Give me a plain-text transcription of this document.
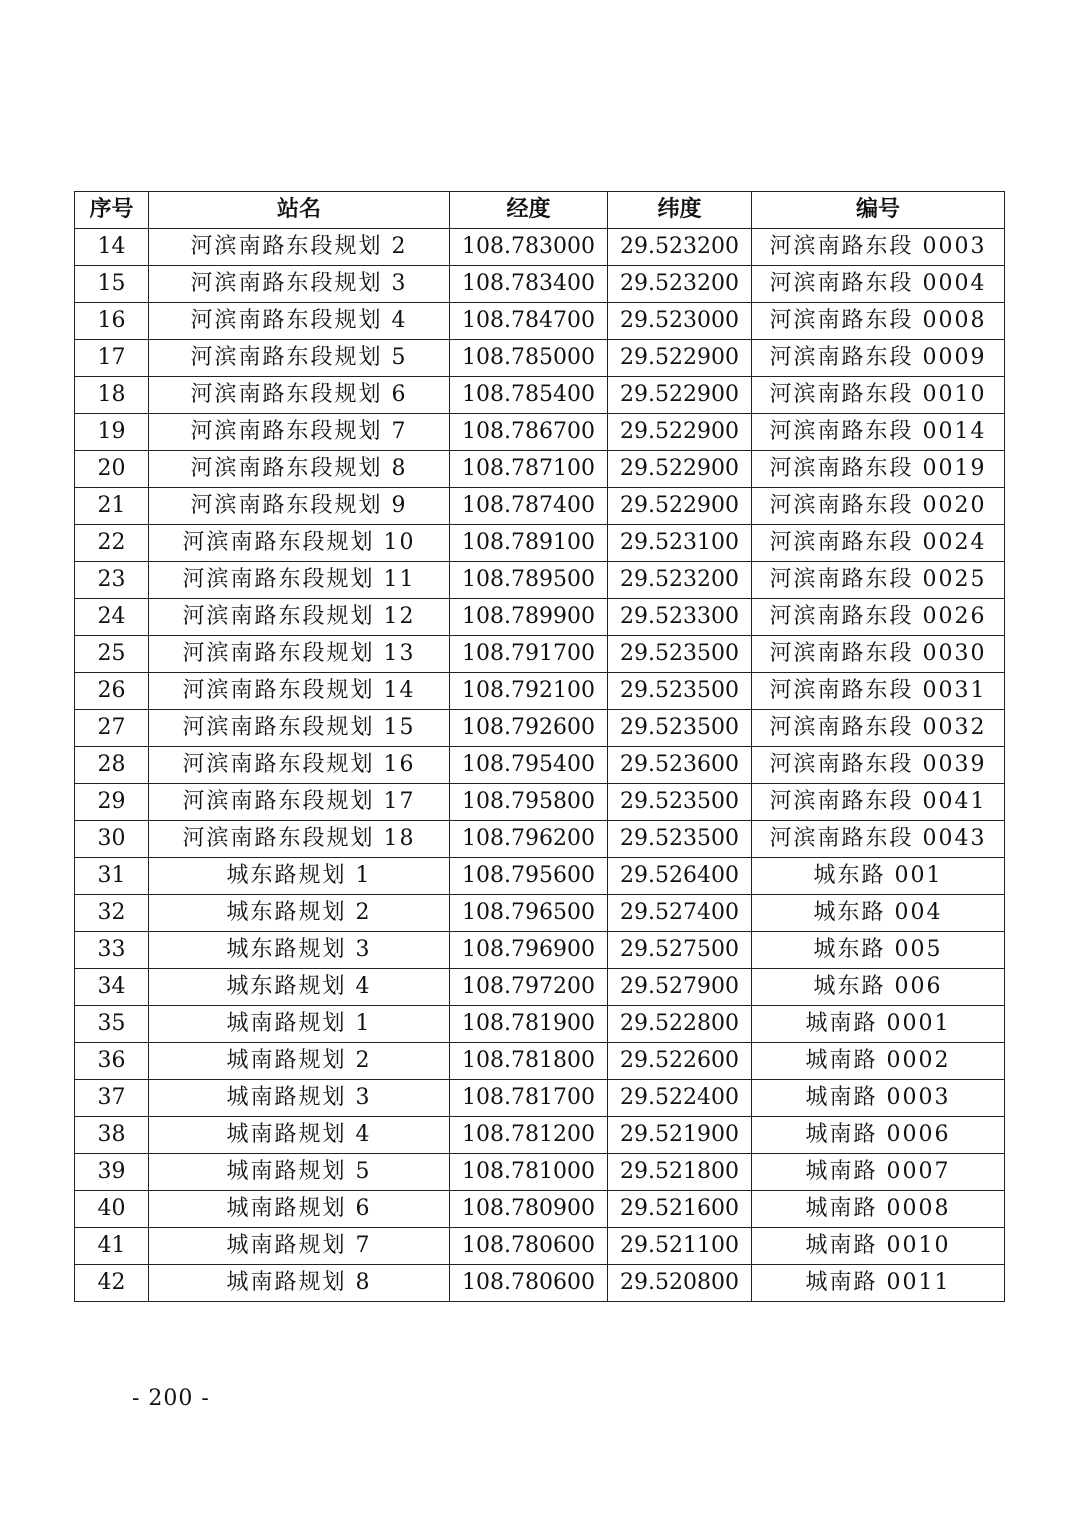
序号	站名	经度	纬度	编号
14	河滨南路东段规划 2	108.783000	29.523200	河滨南路东段 0003
15	河滨南路东段规划 3	108.783400	29.523200	河滨南路东段 0004
16	河滨南路东段规划 4	108.784700	29.523000	河滨南路东段 0008
17	河滨南路东段规划 5	108.785000	29.522900	河滨南路东段 0009
18	河滨南路东段规划 6	108.785400	29.522900	河滨南路东段 0010
19	河滨南路东段规划 7	108.786700	29.522900	河滨南路东段 0014
20	河滨南路东段规划 8	108.787100	29.522900	河滨南路东段 0019
21	河滨南路东段规划 9	108.787400	29.522900	河滨南路东段 0020
22	河滨南路东段规划 10	108.789100	29.523100	河滨南路东段 0024
23	河滨南路东段规划 11	108.789500	29.523200	河滨南路东段 0025
24	河滨南路东段规划 12	108.789900	29.523300	河滨南路东段 0026
25	河滨南路东段规划 13	108.791700	29.523500	河滨南路东段 0030
26	河滨南路东段规划 14	108.792100	29.523500	河滨南路东段 0031
27	河滨南路东段规划 15	108.792600	29.523500	河滨南路东段 0032
28	河滨南路东段规划 16	108.795400	29.523600	河滨南路东段 0039
29	河滨南路东段规划 17	108.795800	29.523500	河滨南路东段 0041
30	河滨南路东段规划 18	108.796200	29.523500	河滨南路东段 0043
31	城东路规划 1	108.795600	29.526400	城东路 001
32	城东路规划 2	108.796500	29.527400	城东路 004
33	城东路规划 3	108.796900	29.527500	城东路 005
34	城东路规划 4	108.797200	29.527900	城东路 006
35	城南路规划 1	108.781900	29.522800	城南路 0001
36	城南路规划 2	108.781800	29.522600	城南路 0002
37	城南路规划 3	108.781700	29.522400	城南路 0003
38	城南路规划 4	108.781200	29.521900	城南路 0006
39	城南路规划 5	108.781000	29.521800	城南路 0007
40	城南路规划 6	108.780900	29.521600	城南路 0008
41	城南路规划 7	108.780600	29.521100	城南路 0010
42	城南路规划 8	108.780600	29.520800	城南路 0011
- 200 -
